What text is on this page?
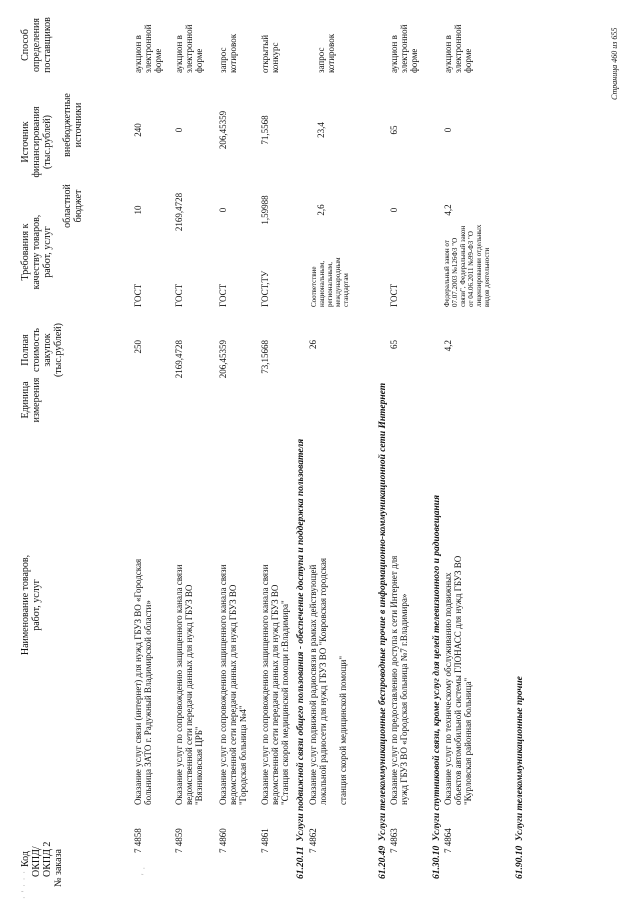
· ' · · · ·	' ·
Код ОКПД/ ОКПД 2 № заказа
Наименование товаров, работ, услуг
Единица измерения
Полная стоимость закупок (тыс.рублей)
Требования к качеству товаров, работ, услуг
Источник финансирования (тыс.рублей)
областной бюджет
внебюджетные источники
Способ определения поставщиков
7 4858
Оказание услуг связи (интернет) для нужд ГБУЗ ВО «Городская больница ЗАТО г. Радужный Владимирской области»
250
ГОСТ
10
240
аукцион в электронной форме
7 4859
Оказание услуг по сопровождению защищенного канала связи ведомственной сети передачи данных для нужд ГБУЗ ВО "Вязниковская ЦРБ"
2169,4728
ГОСТ
2169,4728
0
аукцион в электронной форме
7 4860
Оказание услуг по сопровождению защищенного канала связи ведомственной сети передачи данных для нужд ГБУЗ ВО "Городская больница №4"
206,45359
ГОСТ
0
206,45359
запрос котировок
7 4861
Оказание услуг по сопровождению защищенного канала связи ведомственной сети передачи данных для нужд ГБУЗ ВО "Станция скорой медицинской помощи г.Владимира"
73,15668
ГОСТ,ТУ
1,59988
71,5568
открытый конкурс
61.20.11  Услуги подвижной связи общего пользования - обеспечение доступа и поддержка пользователя 7 4862
Оказание услуг подвижной радиосвязи в рамках действующей локальной радиосети для нужд ГБУЗ ВО "Ковровская городская
станция скорой медицинской помощи"
26
Соответствие национальным, региональным, международным стандартам
2,6
23,4
запрос котировок
61.20.49  Услуги телекоммуникационные беспроводные прочие в информационно-коммуникационной сети Интернет 7 4863
Оказание услуг по предоставлению доступа к сети Интернет для нужд ГБУЗ ВО «Городская больница №7 г.Владимира»
65
ГОСТ
0
65
аукцион в электронной форме
61.30.10  Услуги спутниковой связи, кроме услуг для целей телевизионного и радиовещания 7 4864
Оказание услуг по техническому обслуживанию подвижных объектов автомобильной системы ГЛОНАСС для нужд ГБУЗ ВО "Курловская районная больница"
4,2
Федеральный закон от 07.07.2003 №126ФЗ "О связи", Федеральный закон от 04.06.2011 №99-ФЗ "О лицензировании отдельных видов деятельности
4,2
0
аукцион в электронной форме
61.90.10  Услуги телекоммуникационные прочие
Страница 460 из 655
